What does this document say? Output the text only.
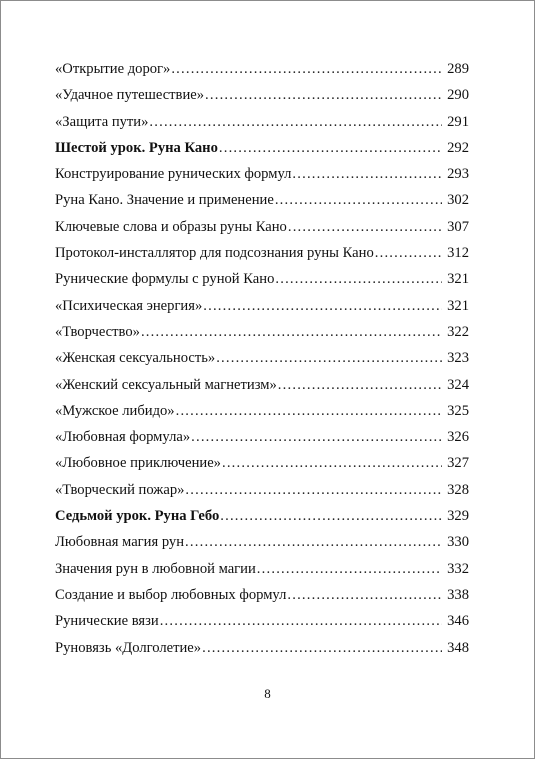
«Открытие дорог» .....	289
«Удачное путешествие» .....	290
«Защита пути» .....	291
Шестой урок. Руна Кано .....	292
Конструирование рунических формул .....	293
Руна Кано. Значение и применение .....	302
Ключевые слова и образы руны Кано .....	307
Протокол-инсталлятор для подсознания руны Кано .....	312
Рунические формулы с руной Кано .....	321
«Психическая энергия» .....	321
«Творчество» .....	322
«Женская сексуальность» .....	323
«Женский сексуальный магнетизм» .....	324
«Мужское либидо» .....	325
«Любовная формула» .....	326
«Любовное приключение» .....	327
«Творческий пожар» .....	328
Седьмой урок. Руна Гебо .....	329
Любовная магия рун .....	330
Значения рун в любовной магии .....	332
Создание и выбор любовных формул .....	338
Рунические вязи .....	346
Руновязь «Долголетие» .....	348
8
